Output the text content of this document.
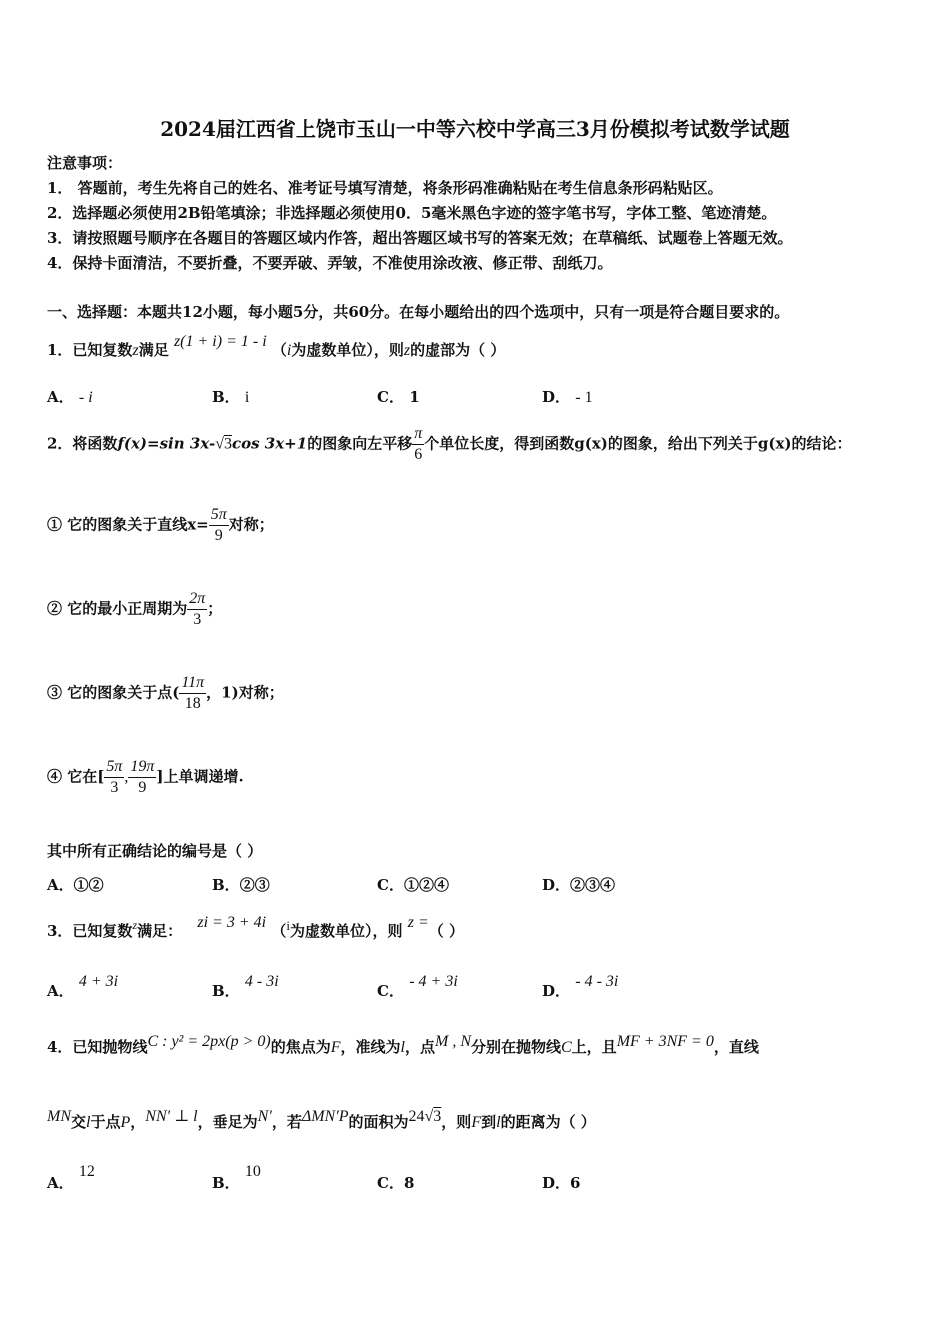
2024届江西省上饶市玉山一中等六校中学高三3月份模拟考试数学试题
注意事项：
1． 答题前，考生先将自己的姓名、准考证号填写清楚，将条形码准确粘贴在考生信息条形码粘贴区。
2．选择题必须使用2B铅笔填涂；非选择题必须使用0．5毫米黑色字迹的签字笔书写，字体工整、笔迹清楚。
3．请按照题号顺序在各题目的答题区域内作答，超出答题区域书写的答案无效；在草稿纸、试题卷上答题无效。
4．保持卡面清洁，不要折叠，不要弄破、弄皱，不准使用涂改液、修正带、刮纸刀。
一、选择题：本题共12小题，每小题5分，共60分。在每小题给出的四个选项中，只有一项是符合题目要求的。
1．已知复数z满足 z(1 + i) = 1 - i （i为虚数单位），则z的虚部为（ ）
A． - i	B． i	C． 1	D． - 1
2．将函数f(x)=sin 3x-√3cos 3x+1的图象向左平移 $\frac{\pi}{6}$ 个单位长度，得到函数g(x)的图象，给出下列关于g(x)的结论：
① 它的图象关于直线$x= \frac{5\pi}{9}$ 对称；
② 它的最小正周期为 $\frac{2\pi}{3}$ ；
③ 它的图象关于点( $\frac{11\pi}{18}$ ，1)对称；
④ 它在[ $\frac{5\pi}{3}$ , $\frac{19\pi}{9}$ ]上单调递增.
其中所有正确结论的编号是（ ）
A．①②	B．②③	C．①②④	D．②③④
3．已知复数$^z$满足： zi = 3 + 4i （i为虚数单位），则 z =（ ）
A． 4 + 3i
B． 4 - 3i
C． - 4 + 3i
D． - 4 - 3i
4．已知抛物线C : y² = 2px(p > 0)的焦点为F，准线为l，点M , N分别在抛物线C上，且MF + 3NF = 0，直线
MN交l于点P，NN′ ⊥ l，垂足为N′，若ΔMN′P的面积为24√3，则F到l的距离为（ ）
A． 12
B． 10
C．8	D．6
